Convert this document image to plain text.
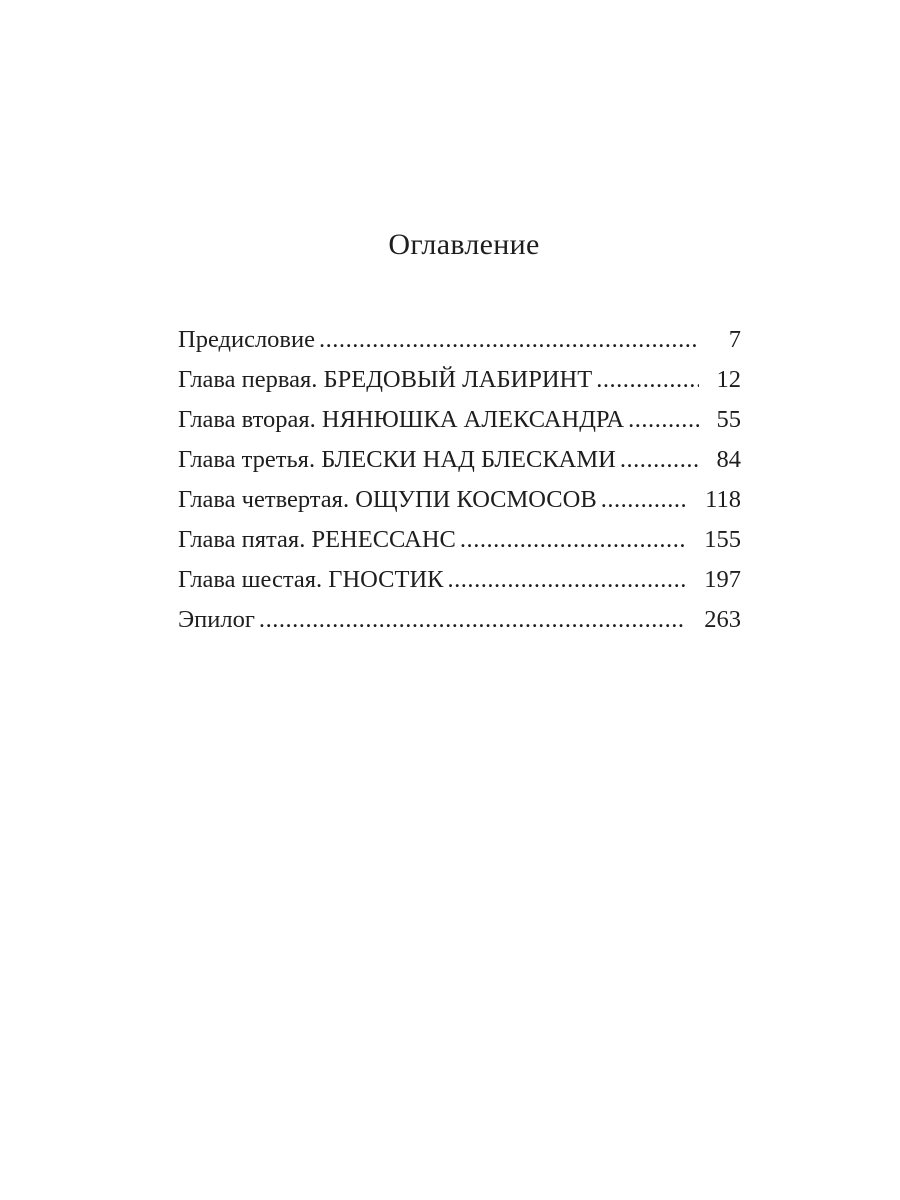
Оглавление
Предисловие . . .	7
Глава первая. БРЕДОВЫЙ ЛАБИРИНТ . . .	12
Глава вторая. НЯНЮШКА АЛЕКСАНДРА . . .	55
Глава третья. БЛЕСКИ НАД БЛЕСКАМИ . . .	84
Глава четвертая. ОЩУПИ КОСМОСОВ . . .	118
Глава пятая. РЕНЕССАНС . . .	155
Глава шестая. ГНОСТИК . . .	197
Эпилог . . .	263
